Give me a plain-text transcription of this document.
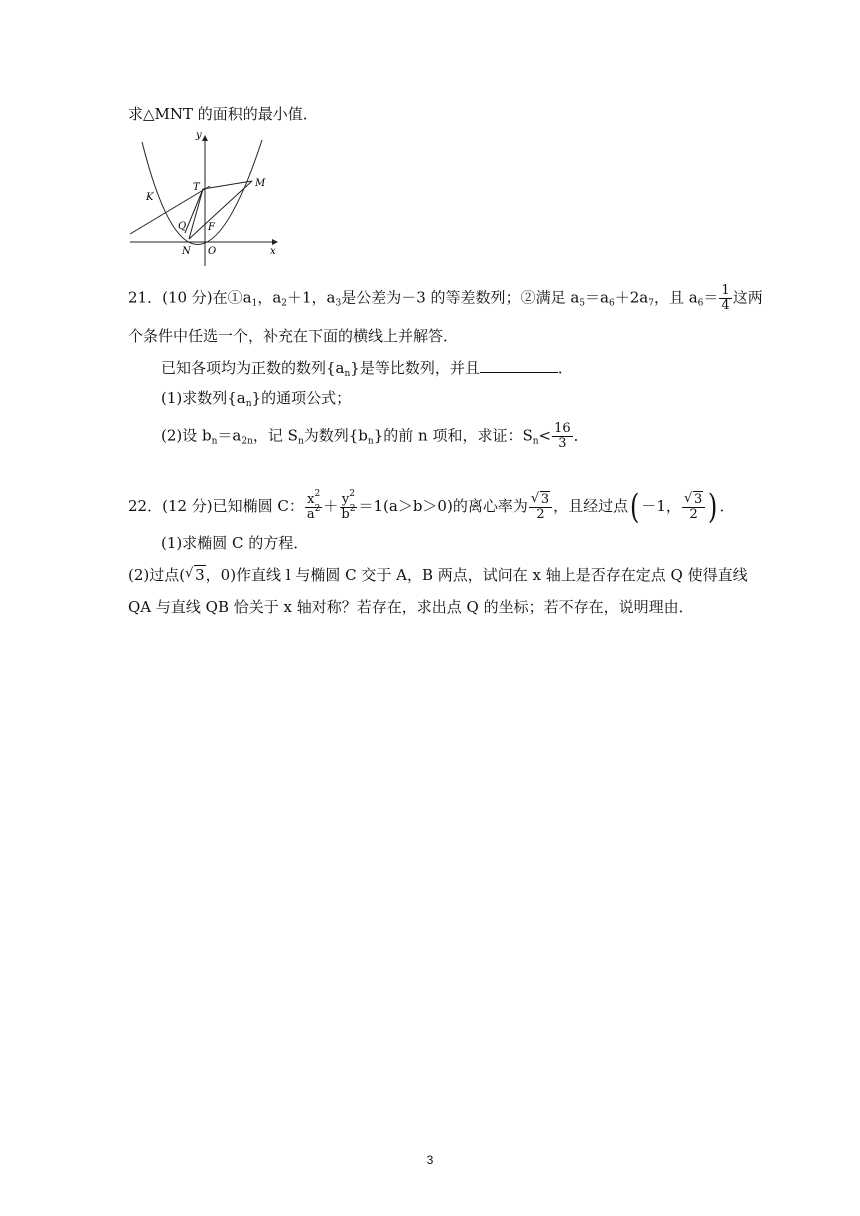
求△MNT 的面积的最小值．
y
x
T	M
K
Q F
N O
21．(10 分)在$①a_1$，$a_2+1$，$a_3$是公差为－3 的等差数列；②满足 $a_5=a_6+2a_7$，且 $a_6= \frac{1}{4}$ 这两
个条件中任选一个，补充在下面的横线上并解答．
已知各项均为正数的数列$\{a_n\}$是等比数列，并且	．
(1)求数列$\{a_n\}$的通项公式；
(2)设 $b_n=a_{2n}$，记 $S_n$为数列$\{b_n\}$的前 n 项和，求证：$S_n< \frac{16}{3}$ ．
22．(12 分)已知椭圆 C： $\frac{x^2}{a^2} + \frac{y^2}{b^2} =1(a>b>0)$的离心率为 √ $\frac{3}{2}$ ，且经过点( －1， √ $\frac{3}{2}$ ) ．
(1)求椭圆 C 的方程．
(2)过点( √ 3，0)作直线 l 与椭圆 C 交于 A，B 两点，试问在 x 轴上是否存在定点 Q 使得直线
QA 与直线 QB 恰关于 x 轴对称？若存在，求出点 Q 的坐标；若不存在，说明理由．
3
